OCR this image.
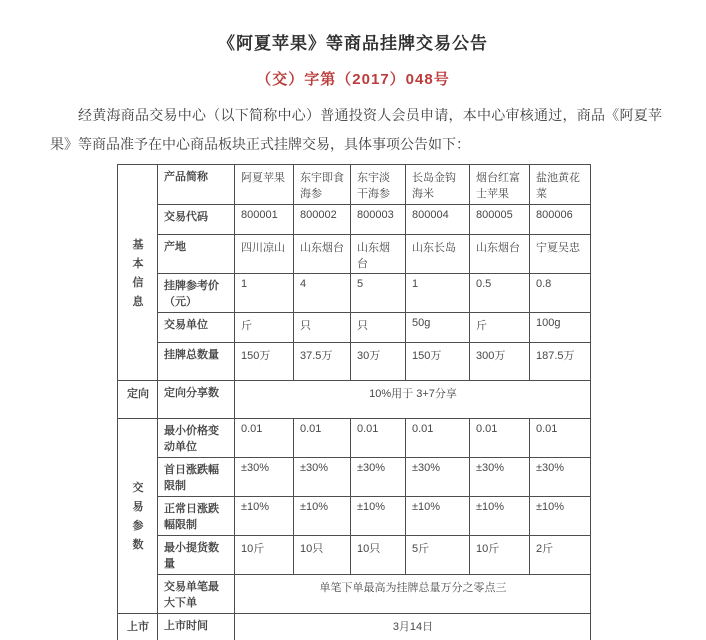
《阿夏苹果》等商品挂牌交易公告
（交）字第（2017）048号

经黄海商品交易中心（以下简称中心）普通投资人会员申请，本中心审核通过，商品《阿夏苹果》等商品准予在中心商品板块正式挂牌交易，具体事项公告如下：

基本信息	产品简称	阿夏苹果	东宇即食海参	东宇淡干海参	长岛金钩海米	烟台红富士苹果	盐池黄花菜
	交易代码	800001	800002	800003	800004	800005	800006
	产地	四川凉山	山东烟台	山东烟台	山东长岛	山东烟台	宁夏吴忠
	挂牌参考价（元）	1	4	5	1	0.5	0.8
	交易单位	斤	只	只	50g	斤	100g
	挂牌总数量	150万	37.5万	30万	150万	300万	187.5万
定向	定向分享数	10%用于 3+7分享					

交易参数	最小价格变动单位	0.01	0.01	0.01	0.01	0.01	0.01
	首日涨跌幅限制	±30%	±30%	±30%	±30%	±30%	±30%
	正常日涨跌幅限制	±10%	±10%	±10%	±10%	±10%	±10%
	最小提货数量	10斤	10只	10只	5斤	10斤	2斤
	交易单笔最大下单	单笔下单最高为挂牌总量万分之零点三					
上市	上市时间	3月14日					
